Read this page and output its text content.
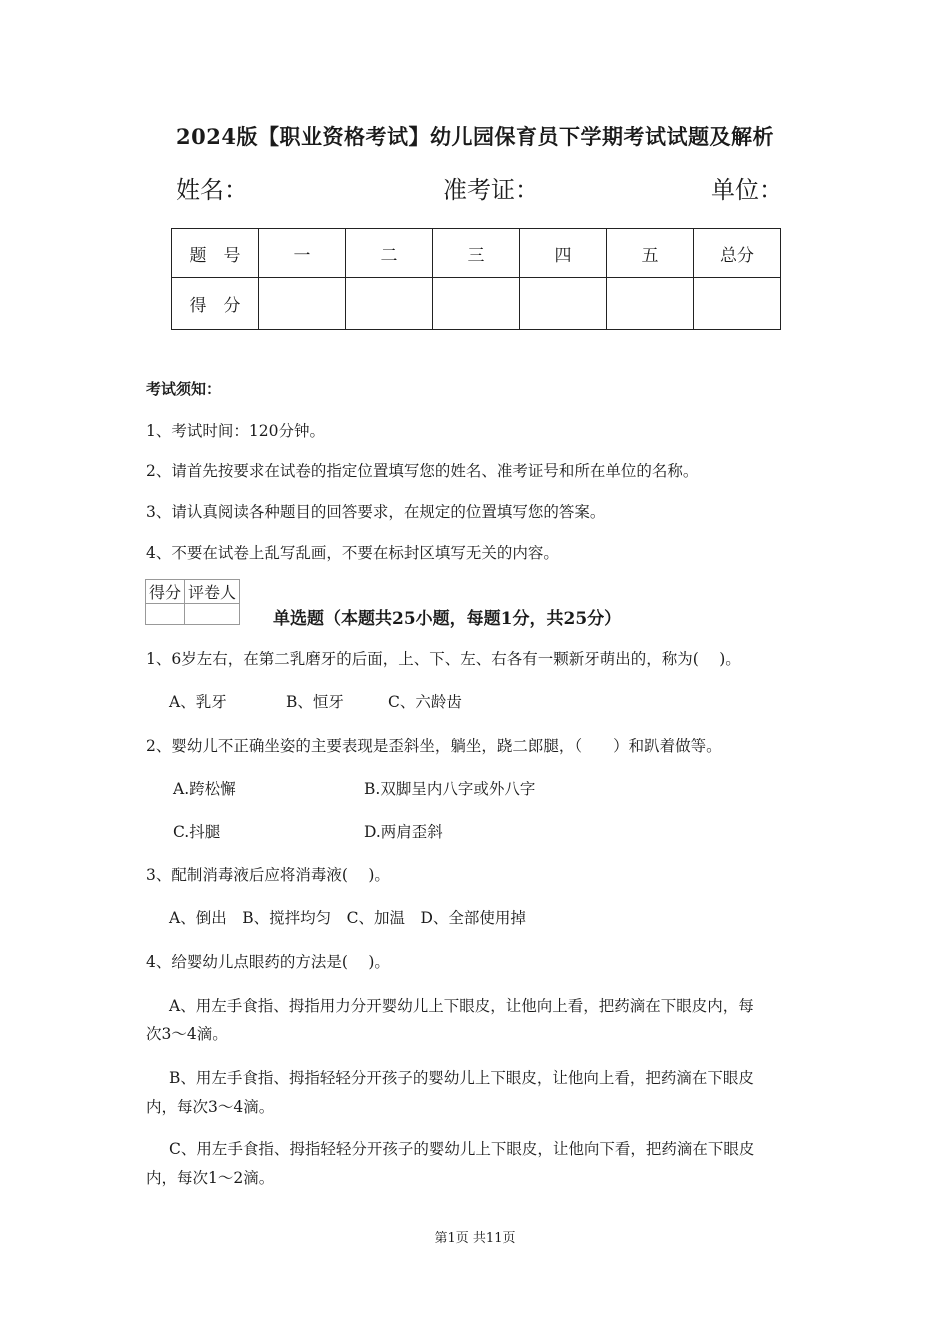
2024版【职业资格考试】幼儿园保育员下学期考试试题及解析
姓名：	准考证：	单位：
题　号	一	二	三	四	五	总分
得　分						
考试须知：
1、考试时间：120分钟。
2、请首先按要求在试卷的指定位置填写您的姓名、准考证号和所在单位的名称。
3、请认真阅读各种题目的回答要求，在规定的位置填写您的答案。
4、不要在试卷上乱写乱画，不要在标封区填写无关的内容。
得分	评卷人

单选题（本题共25小题，每题1分，共25分）
1、6岁左右，在第二乳磨牙的后面，上、下、左、右各有一颗新牙萌出的，称为(　 )。
A、乳牙	B、恒牙	C、六龄齿
2、婴幼儿不正确坐姿的主要表现是歪斜坐，躺坐，跷二郎腿，（　　）和趴着做等。
A.跨松懈	B.双脚呈内八字或外八字
C.抖腿	D.两肩歪斜
3、配制消毒液后应将消毒液(　 )。
A、倒出　B、搅拌均匀　C、加温　D、全部使用掉
4、给婴幼儿点眼药的方法是(　 )。
A、用左手食指、拇指用力分开婴幼儿上下眼皮，让他向上看，把药滴在下眼皮内，每
次3～4滴。
B、用左手食指、拇指轻轻分开孩子的婴幼儿上下眼皮，让他向上看，把药滴在下眼皮
内，每次3～4滴。
C、用左手食指、拇指轻轻分开孩子的婴幼儿上下眼皮，让他向下看，把药滴在下眼皮
内，每次1～2滴。
第1页 共11页
